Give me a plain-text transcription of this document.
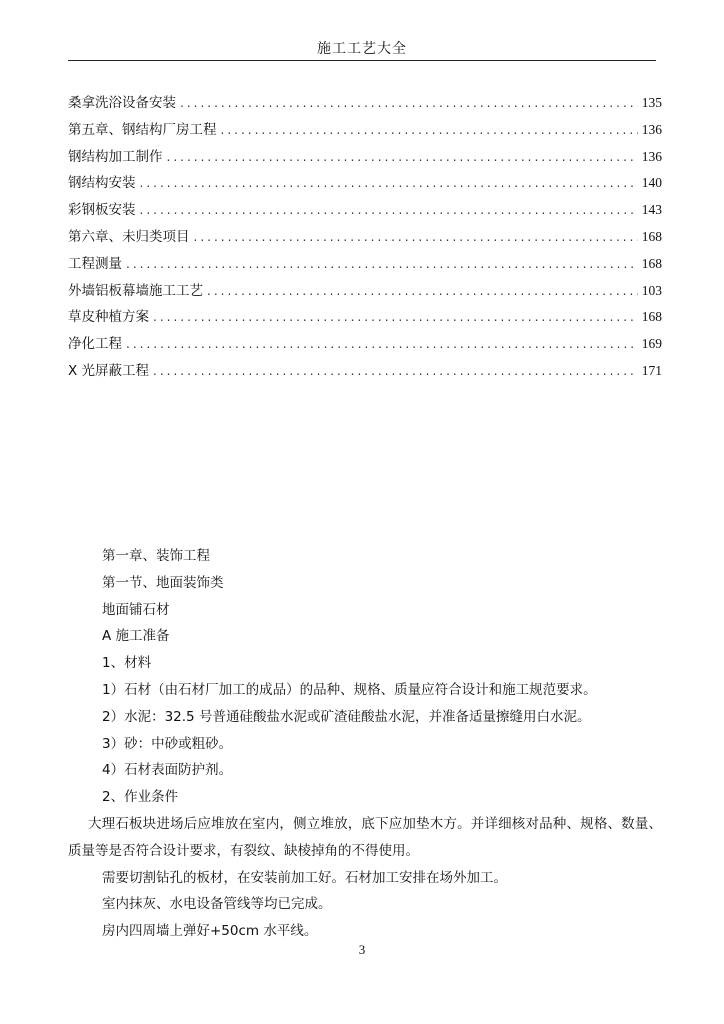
施工工艺大全
桑拿洗浴设备安装 .....	135
第五章、钢结构厂房工程 .....	136
钢结构加工制作 .....	136
钢结构安装 .....	140
彩钢板安装 .....	143
第六章、未归类项目 .....	168
工程测量 .....	168
外墙铝板幕墙施工工艺 .....	103
草皮种植方案 .....	168
净化工程 .....	169
X 光屏蔽工程 .....	171
第一章、装饰工程
第一节、地面装饰类
地面铺石材
A 施工准备
1、材料
1）石材（由石材厂加工的成品）的品种、规格、质量应符合设计和施工规范要求。
2）水泥：32.5 号普通硅酸盐水泥或矿渣硅酸盐水泥，并准备适量擦缝用白水泥。
3）砂：中砂或粗砂。
4）石材表面防护剂。
2、作业条件
大理石板块进场后应堆放在室内，侧立堆放，底下应加垫木方。并详细核对品种、规格、数量、质量等是否符合设计要求，有裂纹、缺棱掉角的不得使用。
需要切割钻孔的板材，在安装前加工好。石材加工安排在场外加工。
室内抹灰、水电设备管线等均已完成。
房内四周墙上弹好+50cm 水平线。
3
